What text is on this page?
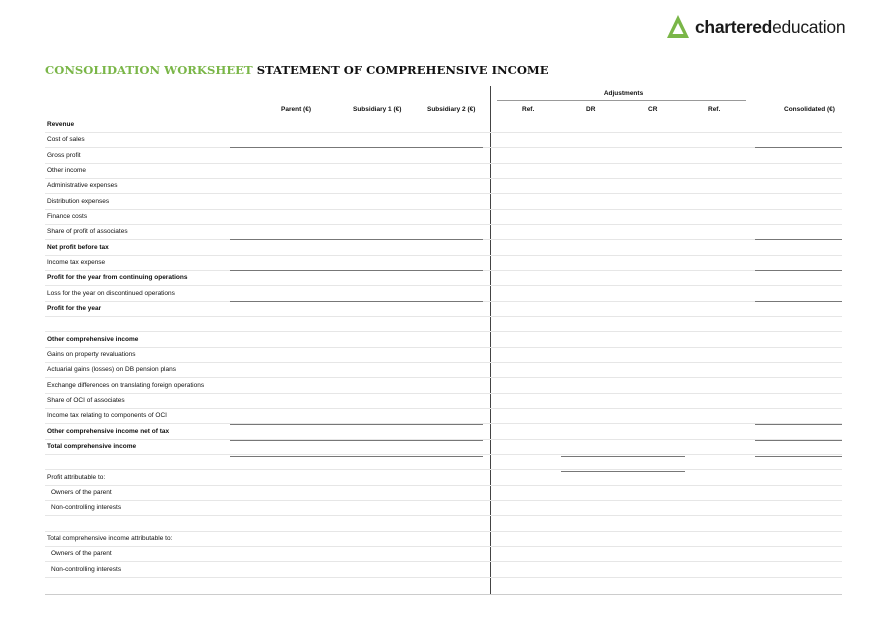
charterededucation
CONSOLIDATION WORKSHEET STATEMENT OF COMPREHENSIVE INCOME
Adjustments
Parent (€)	Subsidiary 1 (€)	Subsidiary 2 (€)	Ref.	DR	CR	Ref.	Consolidated (€)
Revenue
Cost of sales
Gross profit
Other income
Administrative expenses
Distribution expenses
Finance costs
Share of profit of associates
Net profit before tax
Income tax expense
Profit for the year from continuing operations
Loss for the year on discontinued operations
Profit for the year
Other comprehensive income
Gains on property revaluations
Actuarial gains (losses) on DB pension plans
Exchange differences on translating foreign operations
Share of OCI of associates
Income tax relating to components of OCI
Other comprehensive income net of tax
Total comprehensive income
Profit attributable to:
Owners of the parent
Non-controlling interests
Total comprehensive income attributable to:
Owners of the parent
Non-controlling interests
